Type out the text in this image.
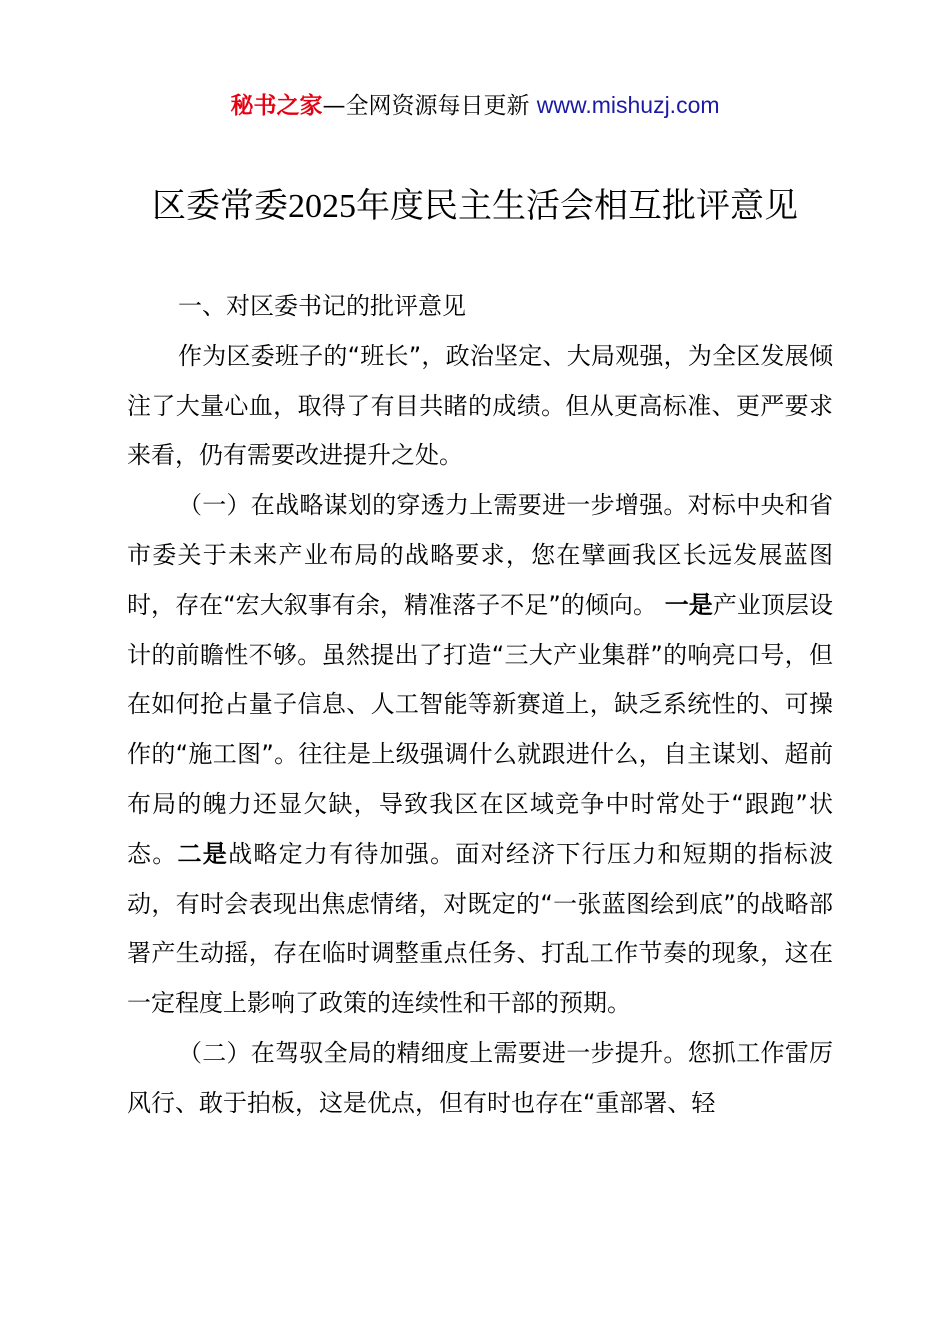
秘书之家—全网资源每日更新 www.mishuzj.com
区委常委2025年度民主生活会相互批评意见

一、对区委书记的批评意见

作为区委班子的“班长”，政治坚定、大局观强，为全区发展倾注了大量心血，取得了有目共睹的成绩。但从更高标准、更严要求来看，仍有需要改进提升之处。

（一）在战略谋划的穿透力上需要进一步增强。对标中央和省市委关于未来产业布局的战略要求，您在擘画我区长远发展蓝图时，存在“宏大叙事有余，精准落子不足”的倾向。 一是产业顶层设计的前瞻性不够。虽然提出了打造“三大产业集群”的响亮口号，但在如何抢占量子信息、人工智能等新赛道上，缺乏系统性的、可操作的“施工图”。往往是上级强调什么就跟进什么，自主谋划、超前布局的魄力还显欠缺，导致我区在区域竞争中时常处于“跟跑”状态。二是战略定力有待加强。面对经济下行压力和短期的指标波动，有时会表现出焦虑情绪，对既定的“一张蓝图绘到底”的战略部署产生动摇，存在临时调整重点任务、打乱工作节奏的现象，这在一定程度上影响了政策的连续性和干部的预期。

（二）在驾驭全局的精细度上需要进一步提升。您抓工作雷厉风行、敢于拍板，这是优点，但有时也存在“重部署、轻
